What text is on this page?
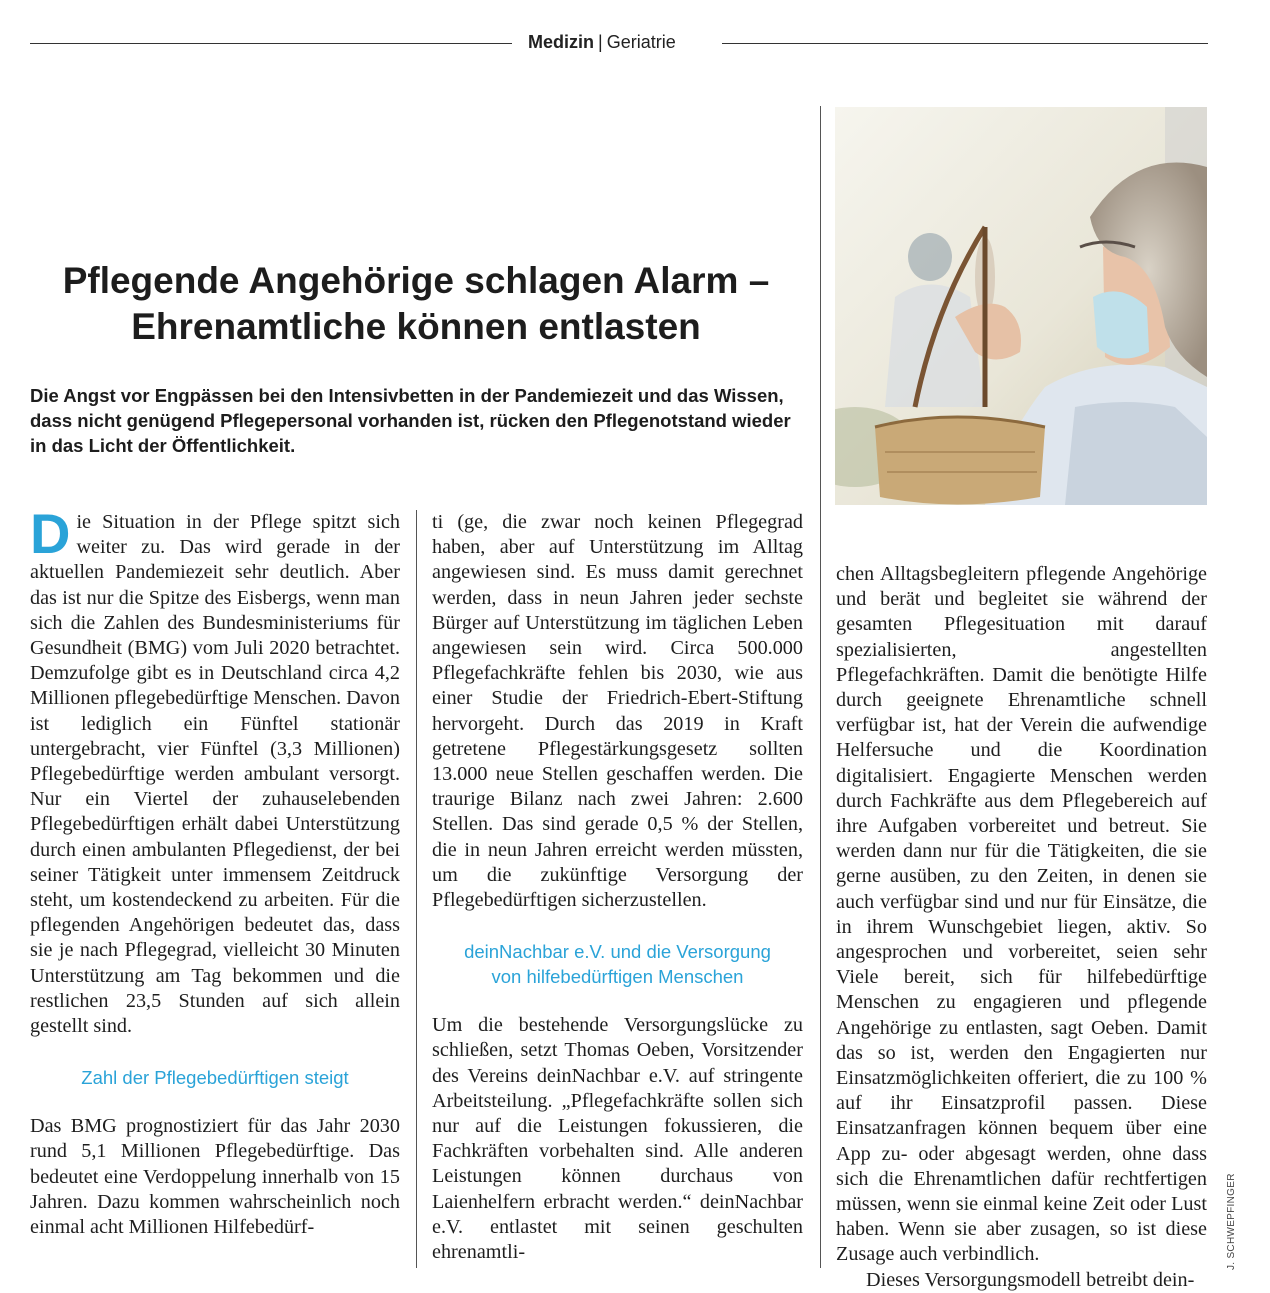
Medizin | Geriatrie
Pflegende Angehörige schlagen Alarm –
Ehrenamtliche können entlasten
Die Angst vor Engpässen bei den Intensivbetten in der Pandemiezeit und das Wissen, dass nicht genügend Pflegepersonal vorhanden ist, rücken den Pflegenotstand wieder in das Licht der Öffentlichkeit.

Die Situation in der Pflege spitzt sich weiter zu. Das wird gerade in der aktuellen Pandemiezeit sehr deutlich. Aber das ist nur die Spitze des Eisbergs, wenn man sich die Zahlen des Bundesministeriums für Gesundheit (BMG) vom Juli 2020 betrachtet. Demzufolge gibt es in Deutschland circa 4,2 Millionen pflegebedürftige Menschen. Davon ist lediglich ein Fünftel stationär untergebracht, vier Fünftel (3,3 Millionen) Pflegebedürftige werden ambulant versorgt. Nur ein Viertel der zuhauselebenden Pflegebedürftigen erhält dabei Unterstützung durch einen ambulanten Pflegedienst, der bei seiner Tätigkeit unter immensem Zeitdruck steht, um kostendeckend zu arbeiten. Für die pflegenden Angehörigen bedeutet das, dass sie je nach Pflegegrad, vielleicht 30 Minuten Unterstützung am Tag bekommen und die restlichen 23,5 Stunden auf sich allein gestellt sind.

Zahl der Pflegebedürftigen steigt

Das BMG prognostiziert für das Jahr 2030 rund 5,1 Millionen Pflegebedürftige. Das bedeutet eine Verdoppelung innerhalb von 15 Jahren. Dazu kommen wahrscheinlich noch einmal acht Millionen Hilfebedürf-

ti (ge, die zwar noch keinen Pflegegrad haben, aber auf Unterstützung im Alltag angewiesen sind. Es muss damit gerechnet werden, dass in neun Jahren jeder sechste Bürger auf Unterstützung im täglichen Leben angewiesen sein wird. Circa 500.000 Pflegefachkräfte fehlen bis 2030, wie aus einer Studie der Friedrich-Ebert-Stiftung hervorgeht. Durch das 2019 in Kraft getretene Pflegestärkungsgesetz sollten 13.000 neue Stellen geschaffen werden. Die traurige Bilanz nach zwei Jahren: 2.600 Stellen. Das sind gerade 0,5 % der Stellen, die in neun Jahren erreicht werden müssten, um die zukünftige Versorgung der Pflegebedürftigen sicherzustellen.

deinNachbar e.V. und die Versorgung
von hilfebedürftigen Menschen

Um die bestehende Versorgungslücke zu schließen, setzt Thomas Oeben, Vorsitzender des Vereins deinNachbar e.V. auf stringente Arbeitsteilung. „Pflegefachkräfte sollen sich nur auf die Leistungen fokussieren, die Fachkräften vorbehalten sind. Alle anderen Leistungen können durchaus von Laienhelfern erbracht werden.“ deinNachbar e.V. entlastet mit seinen geschulten ehrenamtli-

chen Alltagsbegleitern pflegende Angehörige und berät und begleitet sie während der gesamten Pflegesituation mit darauf spezialisierten, angestellten Pflegefachkräften. Damit die benötigte Hilfe durch geeignete Ehrenamtliche schnell verfügbar ist, hat der Verein die aufwendige Helfersuche und die Koordination digitalisiert. Engagierte Menschen werden durch Fachkräfte aus dem Pflegebereich auf ihre Aufgaben vorbereitet und betreut. Sie werden dann nur für die Tätigkeiten, die sie gerne ausüben, zu den Zeiten, in denen sie auch verfügbar sind und nur für Einsätze, die in ihrem Wunschgebiet liegen, aktiv. So angesprochen und vorbereitet, seien sehr Viele bereit, sich für hilfebedürftige Menschen zu engagieren und pflegende Angehörige zu entlasten, sagt Oeben. Damit das so ist, werden den Engagierten nur Einsatzmöglichkeiten offeriert, die zu 100 % auf ihr Einsatzprofil passen. Diese Einsatzanfragen können bequem über eine App zu- oder abgesagt werden, ohne dass sich die Ehrenamtlichen dafür rechtfertigen müssen, wenn sie einmal keine Zeit oder Lust haben. Wenn sie aber zusagen, so ist diese Zusage auch verbindlich.

Dieses Versorgungsmodell betreibt dein-

J. SCHWEPFINGER
